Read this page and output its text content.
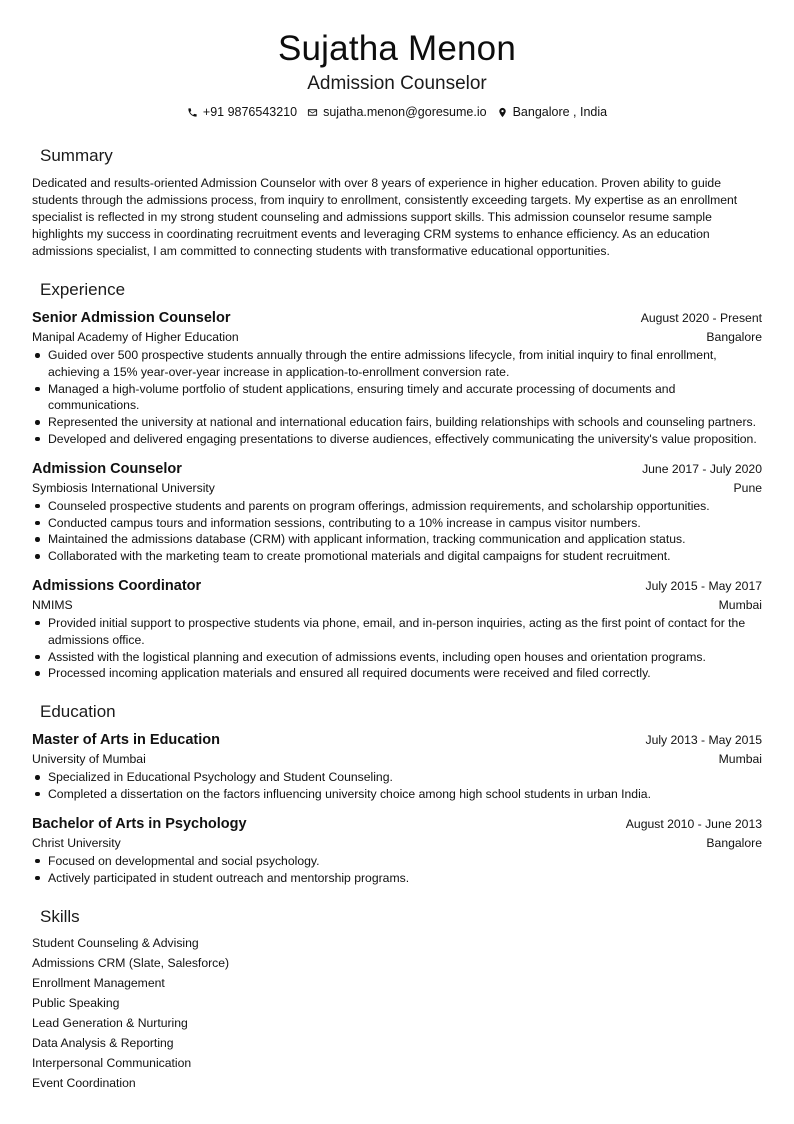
Sujatha Menon
Admission Counselor
+91 9876543210 sujatha.menon@goresume.io Bangalore , India
Summary
Dedicated and results-oriented Admission Counselor with over 8 years of experience in higher education. Proven ability to guide students through the admissions process, from inquiry to enrollment, consistently exceeding targets. My expertise as an enrollment specialist is reflected in my strong student counseling and admissions support skills. This admission counselor resume sample highlights my success in coordinating recruitment events and leveraging CRM systems to enhance efficiency. As an education admissions specialist, I am committed to connecting students with transformative educational opportunities.
Experience
Senior Admission Counselor	August 2020 - Present
Manipal Academy of Higher Education	Bangalore
Guided over 500 prospective students annually through the entire admissions lifecycle, from initial inquiry to final enrollment, achieving a 15% year-over-year increase in application-to-enrollment conversion rate.
Managed a high-volume portfolio of student applications, ensuring timely and accurate processing of documents and communications.
Represented the university at national and international education fairs, building relationships with schools and counseling partners.
Developed and delivered engaging presentations to diverse audiences, effectively communicating the university's value proposition.
Admission Counselor	June 2017 - July 2020
Symbiosis International University	Pune
Counseled prospective students and parents on program offerings, admission requirements, and scholarship opportunities.
Conducted campus tours and information sessions, contributing to a 10% increase in campus visitor numbers.
Maintained the admissions database (CRM) with applicant information, tracking communication and application status.
Collaborated with the marketing team to create promotional materials and digital campaigns for student recruitment.
Admissions Coordinator	July 2015 - May 2017
NMIMS	Mumbai
Provided initial support to prospective students via phone, email, and in-person inquiries, acting as the first point of contact for the admissions office.
Assisted with the logistical planning and execution of admissions events, including open houses and orientation programs.
Processed incoming application materials and ensured all required documents were received and filed correctly.
Education
Master of Arts in Education	July 2013 - May 2015
University of Mumbai	Mumbai
Specialized in Educational Psychology and Student Counseling.
Completed a dissertation on the factors influencing university choice among high school students in urban India.
Bachelor of Arts in Psychology	August 2010 - June 2013
Christ University	Bangalore
Focused on developmental and social psychology.
Actively participated in student outreach and mentorship programs.
Skills
Student Counseling & Advising
Admissions CRM (Slate, Salesforce)
Enrollment Management
Public Speaking
Lead Generation & Nurturing
Data Analysis & Reporting
Interpersonal Communication
Event Coordination
